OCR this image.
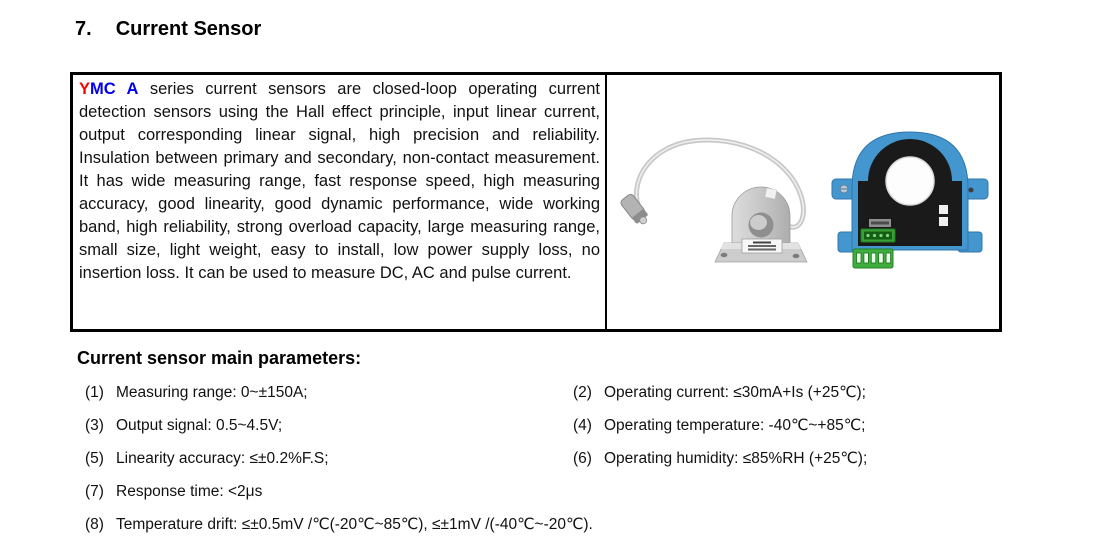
7. Current Sensor

YMC A series current sensors are closed-loop operating current detection sensors using the Hall effect principle, input linear current, output corresponding linear signal, high precision and reliability. Insulation between primary and secondary, non-contact measurement. It has wide measuring range, fast response speed, high measuring accuracy, good linearity, good dynamic performance, wide working band, high reliability, strong overload capacity, large measuring range, small size, light weight, easy to install, low power supply loss, no insertion loss. It can be used to measure DC, AC and pulse current.

Current sensor main parameters:
(1) Measuring range: 0~±150A;	(2) Operating current: ≤30mA+Is (+25℃);
(3) Output signal: 0.5~4.5V;	(4) Operating temperature: -40℃~+85℃;
(5) Linearity accuracy: ≤±0.2%F.S;	(6) Operating humidity: ≤85%RH (+25℃);
(7) Response time: <2μs
(8) Temperature drift: ≤±0.5mV /℃(-20℃~85℃), ≤±1mV /(-40℃~-20℃).
